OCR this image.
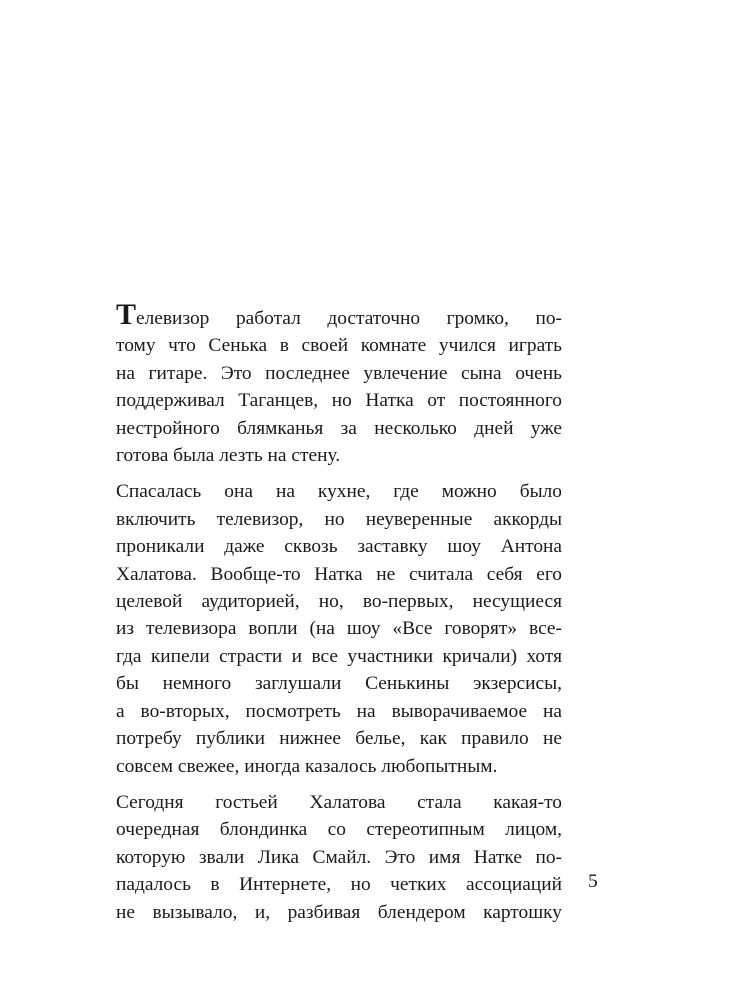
Телевизор работал достаточно громко, по-
тому что Сенька в своей комнате учился играть
на гитаре. Это последнее увлечение сына очень
поддерживал Таганцев, но Натка от постоянного
нестройного блямканья за несколько дней уже
готова была лезть на стену.

Спасалась она на кухне, где можно было
включить телевизор, но неуверенные аккорды
проникали даже сквозь заставку шоу Антона
Халатова. Вообще-то Натка не считала себя его
целевой аудиторией, но, во-первых, несущиеся
из телевизора вопли (на шоу «Все говорят» все-
гда кипели страсти и все участники кричали) хотя
бы немного заглушали Сенькины экзерсисы,
а во-вторых, посмотреть на выворачиваемое на
потребу публики нижнее белье, как правило не
совсем свежее, иногда казалось любопытным.

Сегодня гостьей Халатова стала какая-то
очередная блондинка со стереотипным лицом,
которую звали Лика Смайл. Это имя Натке по-
падалось в Интернете, но четких ассоциаций
не вызывало, и, разбивая блендером картошку

5
